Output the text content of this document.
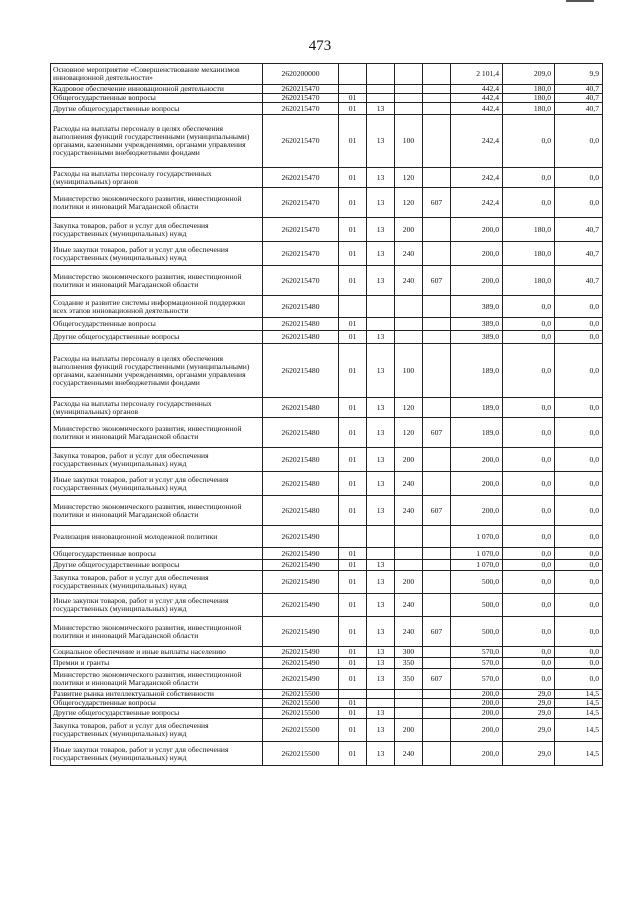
473
Основное мероприятие «Совершенствование механизмов инновационной деятельности»	2620200000					2 101,4	209,0	9,9
Кадровое обеспечение инновационной деятельности	2620215470					442,4	180,0	40,7
Общегосударственные вопросы	2620215470	01				442,4	180,0	40,7
Другие общегосударственные вопросы	2620215470	01	13			442,4	180,0	40,7
Расходы на выплаты персоналу в целях обеспечения выполнения функций государственными (муниципальными) органами, казенными учреждениями, органами управления государственными внебюджетными фондами	2620215470	01	13	100		242,4	0,0	0,0
Расходы на выплаты персоналу государственных (муниципальных) органов	2620215470	01	13	120		242,4	0,0	0,0
Министерство экономического развития, инвестиционной политики и инноваций Магаданской области	2620215470	01	13	120	607	242,4	0,0	0,0
Закупка товаров, работ и услуг для обеспечения государственных (муниципальных) нужд	2620215470	01	13	200		200,0	180,0	40,7
Иные закупки товаров, работ и услуг для обеспечения государственных (муниципальных) нужд	2620215470	01	13	240		200,0	180,0	40,7
Министерство экономического развития, инвестиционной политики и инноваций Магаданской области	2620215470	01	13	240	607	200,0	180,0	40,7
Создание и развитие системы информационной поддержки всех этапов инновационной деятельности	2620215480					389,0	0,0	0,0
Общегосударственные вопросы	2620215480	01				389,0	0,0	0,0
Другие общегосударственные вопросы	2620215480	01	13			389,0	0,0	0,0
Расходы на выплаты персоналу в целях обеспечения выполнения функций государственными (муниципальными) органами, казенными учреждениями, органами управления государственными внебюджетными фондами	2620215480	01	13	100		189,0	0,0	0,0
Расходы на выплаты персоналу государственных (муниципальных) органов	2620215480	01	13	120		189,0	0,0	0,0
Министерство экономического развития, инвестиционной политики и инноваций Магаданской области	2620215480	01	13	120	607	189,0	0,0	0,0
Закупка товаров, работ и услуг для обеспечения государственных (муниципальных) нужд	2620215480	01	13	200		200,0	0,0	0,0
Иные закупки товаров, работ и услуг для обеспечения государственных (муниципальных) нужд	2620215480	01	13	240		200,0	0,0	0,0
Министерство экономического развития, инвестиционной политики и инноваций Магаданской области	2620215480	01	13	240	607	200,0	0,0	0,0
Реализация инновационной молодежной политики	2620215490					1 070,0	0,0	0,0
Общегосударственные вопросы	2620215490	01				1 070,0	0,0	0,0
Другие общегосударственные вопросы	2620215490	01	13			1 070,0	0,0	0,0
Закупка товаров, работ и услуг для обеспечения государственных (муниципальных) нужд	2620215490	01	13	200		500,0	0,0	0,0
Иные закупки товаров, работ и услуг для обеспечения государственных (муниципальных) нужд	2620215490	01	13	240		500,0	0,0	0,0
Министерство экономического развития, инвестиционной политики и инноваций Магаданской области	2620215490	01	13	240	607	500,0	0,0	0,0
Социальное обеспечение и иные выплаты населению	2620215490	01	13	300		570,0	0,0	0,0
Премии и гранты	2620215490	01	13	350		570,0	0,0	0,0
Министерство экономического развития, инвестиционной политики и инноваций Магаданской области	2620215490	01	13	350	607	570,0	0,0	0,0
Развитие рынка интеллектуальной собственности	2620215500					200,0	29,0	14,5
Общегосударственные вопросы	2620215500	01				200,0	29,0	14,5
Другие общегосударственные вопросы	2620215500	01	13			200,0	29,0	14,5
Закупка товаров, работ и услуг для обеспечения государственных (муниципальных) нужд	2620215500	01	13	200		200,0	29,0	14,5
Иные закупки товаров, работ и услуг для обеспечения государственных (муниципальных) нужд	2620215500	01	13	240		200,0	29,0	14,5
